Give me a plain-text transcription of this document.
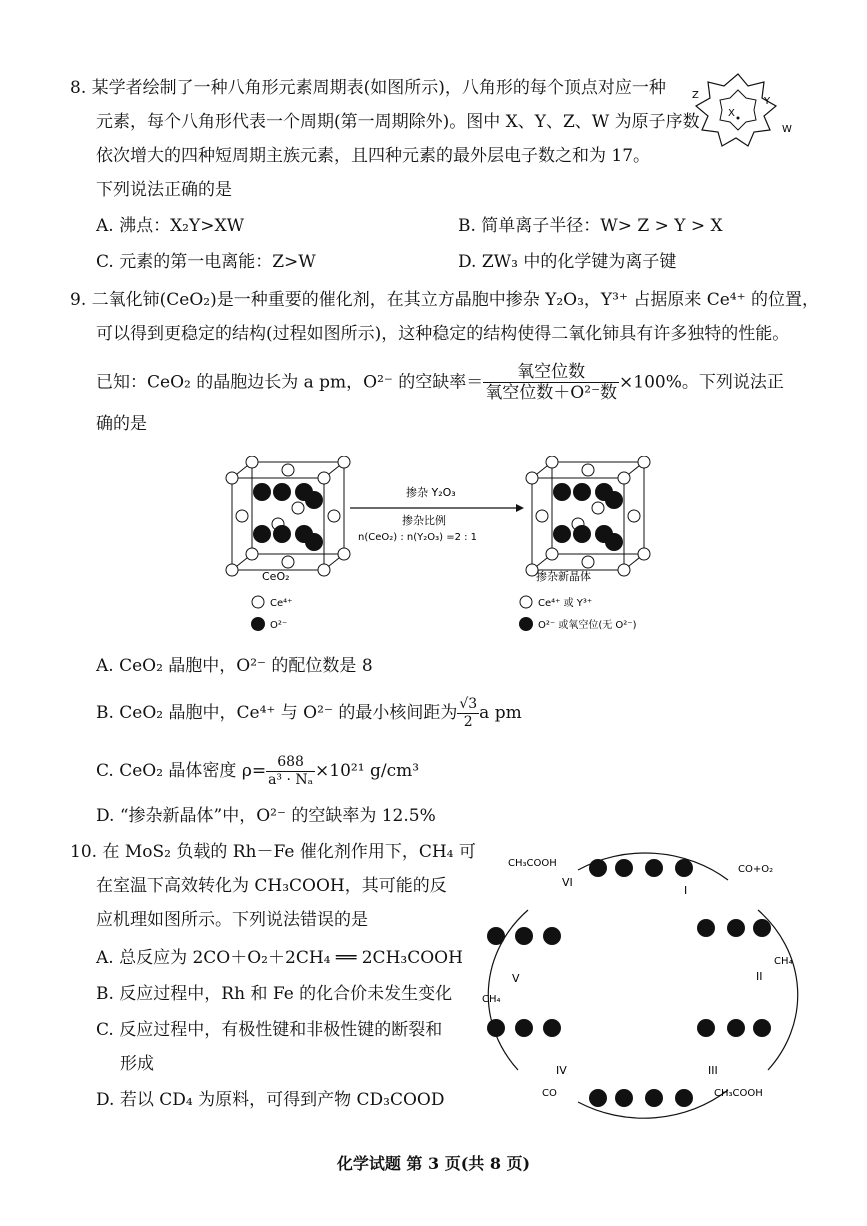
8. 某学者绘制了一种八角形元素周期表(如图所示)，八角形的每个顶点对应一种
元素，每个八角形代表一个周期(第一周期除外)。图中 X、Y、Z、W 为原子序数
依次增大的四种短周期主族元素，且四种元素的最外层电子数之和为 17。
下列说法正确的是
A. 沸点：X₂Y>XW	B. 简单离子半径：W> Z > Y > X
C. 元素的第一电离能：Z>W	D. ZW₃ 中的化学键为离子键
Z
Y
X
W
9. 二氧化铈(CeO₂)是一种重要的催化剂，在其立方晶胞中掺杂 Y₂O₃，Y³⁺ 占据原来 Ce⁴⁺ 的位置，
可以得到更稳定的结构(过程如图所示)，这种稳定的结构使得二氧化铈具有许多独特的性能。
已知：CeO₂ 的晶胞边长为 a pm，O²⁻ 的空缺率＝ $\frac{\text{氧空位数}}{\text{氧空位数＋O²⁻数}} \times 100\%$。下列说法正
确的是
掺杂 Y₂O₃
掺杂比例
n(CeO₂) : n(Y₂O₃) =2 : 1
CeO₂
Ce⁴⁺
O²⁻
掺杂新晶体
Ce⁴⁺ 或 Y³⁺
O²⁻ 或氧空位(无 O²⁻)
A. CeO₂ 晶胞中，O²⁻ 的配位数是 8
B. CeO₂ 晶胞中，Ce⁴⁺ 与 O²⁻ 的最小核间距为 $\frac{√3}{2}$ a pm
C. CeO₂ 晶体密度 $\rho= \frac{688}{\text{a³ · Nₐ}} \times 10^{21}$ g/cm³
D. “掺杂新晶体”中，O²⁻ 的空缺率为 12.5%
10. 在 MoS₂ 负载的 Rh－Fe 催化剂作用下，CH₄ 可
在室温下高效转化为 CH₃COOH，其可能的反
应机理如图所示。下列说法错误的是
A. 总反应为 2CO＋O₂＋2CH₄ ══ 2CH₃COOH
B. 反应过程中，Rh 和 Fe 的化合价未发生变化
C. 反应过程中，有极性键和非极性键的断裂和
形成
D. 若以 CD₄ 为原料，可得到产物 CD₃COOD
I
II
III
IV
V
VI
CO+O₂
CH₄
CH₃COOH
CO
CH₄
CH₃COOH
化学试题 第 3 页(共 8 页)
